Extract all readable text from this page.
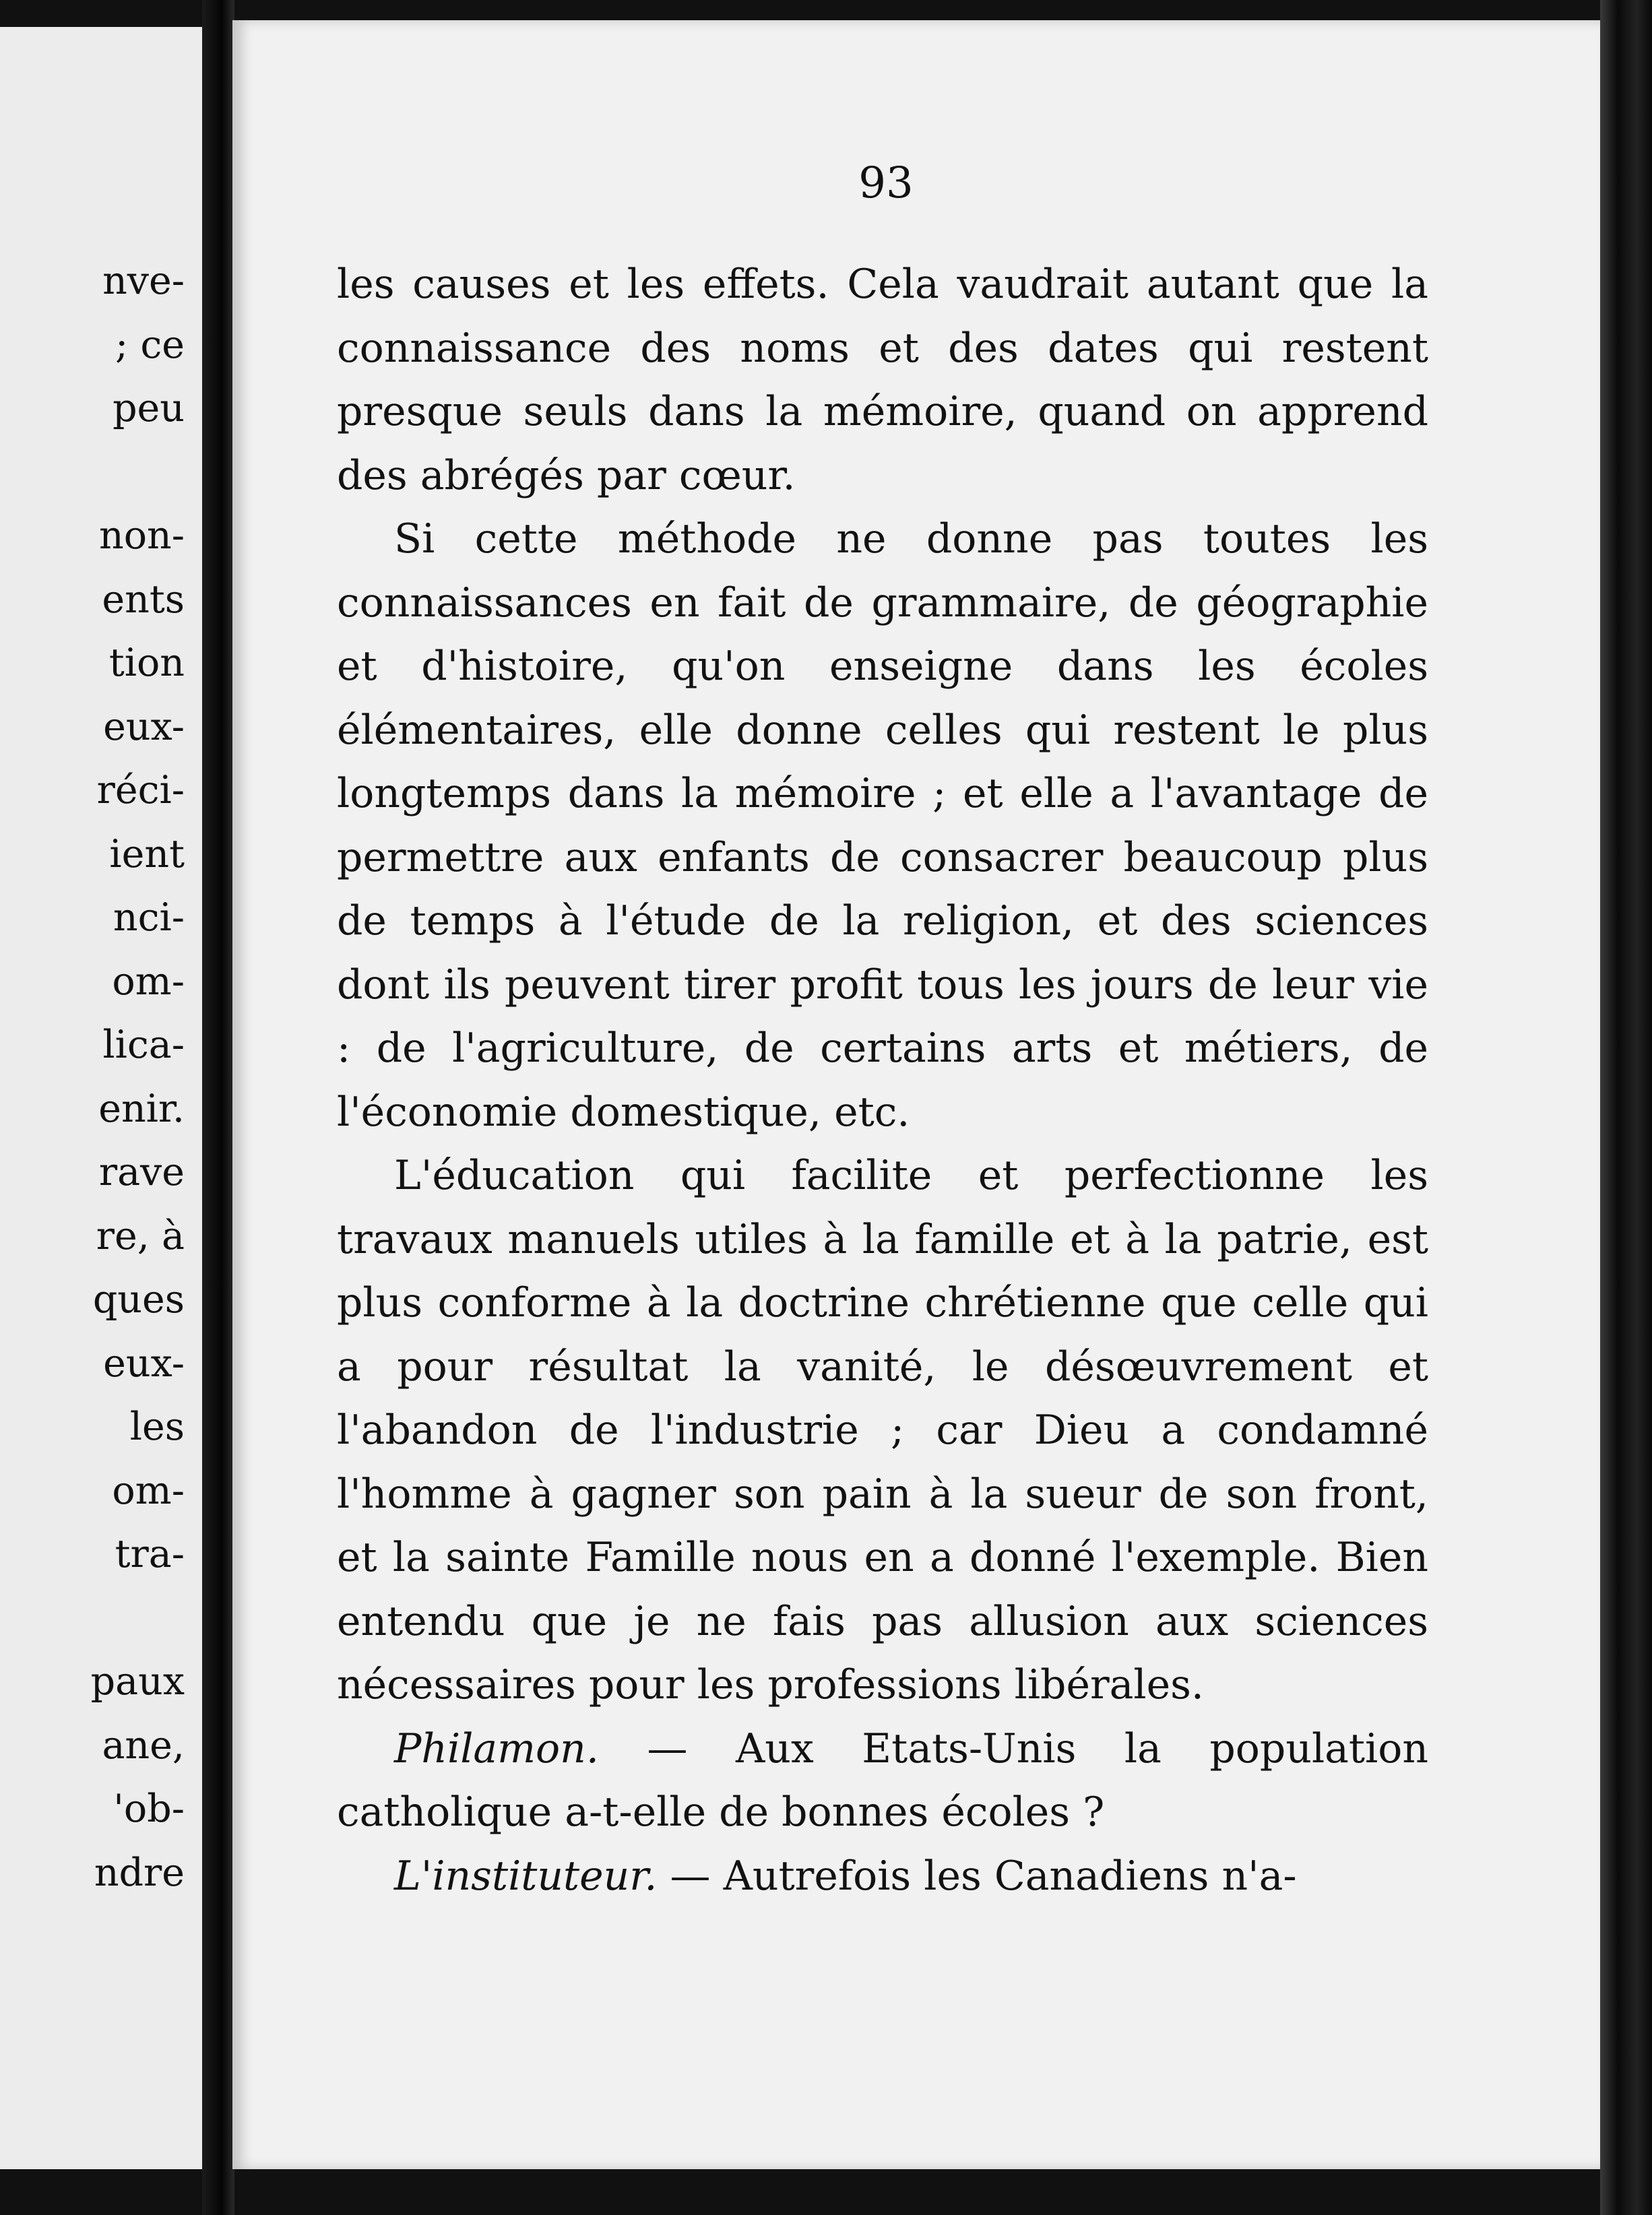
nve-
; ce
peu
non-
ents
tion
eux-
réci-
ient
nci-
om-
lica-
enir.
rave
re, à
ques
eux-
les
om-
tra-
paux
ane,
'ob-
ndre
93

les causes et les effets. Cela vaudrait autant que la connaissance des noms et des dates qui restent presque seuls dans la mémoire, quand on apprend des abrégés par cœur.

Si cette méthode ne donne pas toutes les connaissances en fait de grammaire, de géographie et d'histoire, qu'on enseigne dans les écoles élémentaires, elle donne celles qui restent le plus longtemps dans la mémoire ; et elle a l'avantage de permettre aux enfants de consacrer beaucoup plus de temps à l'étude de la religion, et des sciences dont ils peuvent tirer profit tous les jours de leur vie : de l'agriculture, de certains arts et métiers, de l'économie domestique, etc.

L'éducation qui facilite et perfectionne les travaux manuels utiles à la famille et à la patrie, est plus conforme à la doctrine chrétienne que celle qui a pour résultat la vanité, le désœuvrement et l'abandon de l'industrie ; car Dieu a condamné l'homme à gagner son pain à la sueur de son front, et la sainte Famille nous en a donné l'exemple. Bien entendu que je ne fais pas allusion aux sciences nécessaires pour les professions libérales.

Philamon. — Aux Etats-Unis la population catholique a-t-elle de bonnes écoles ?

L'instituteur. — Autrefois les Canadiens n'a-
